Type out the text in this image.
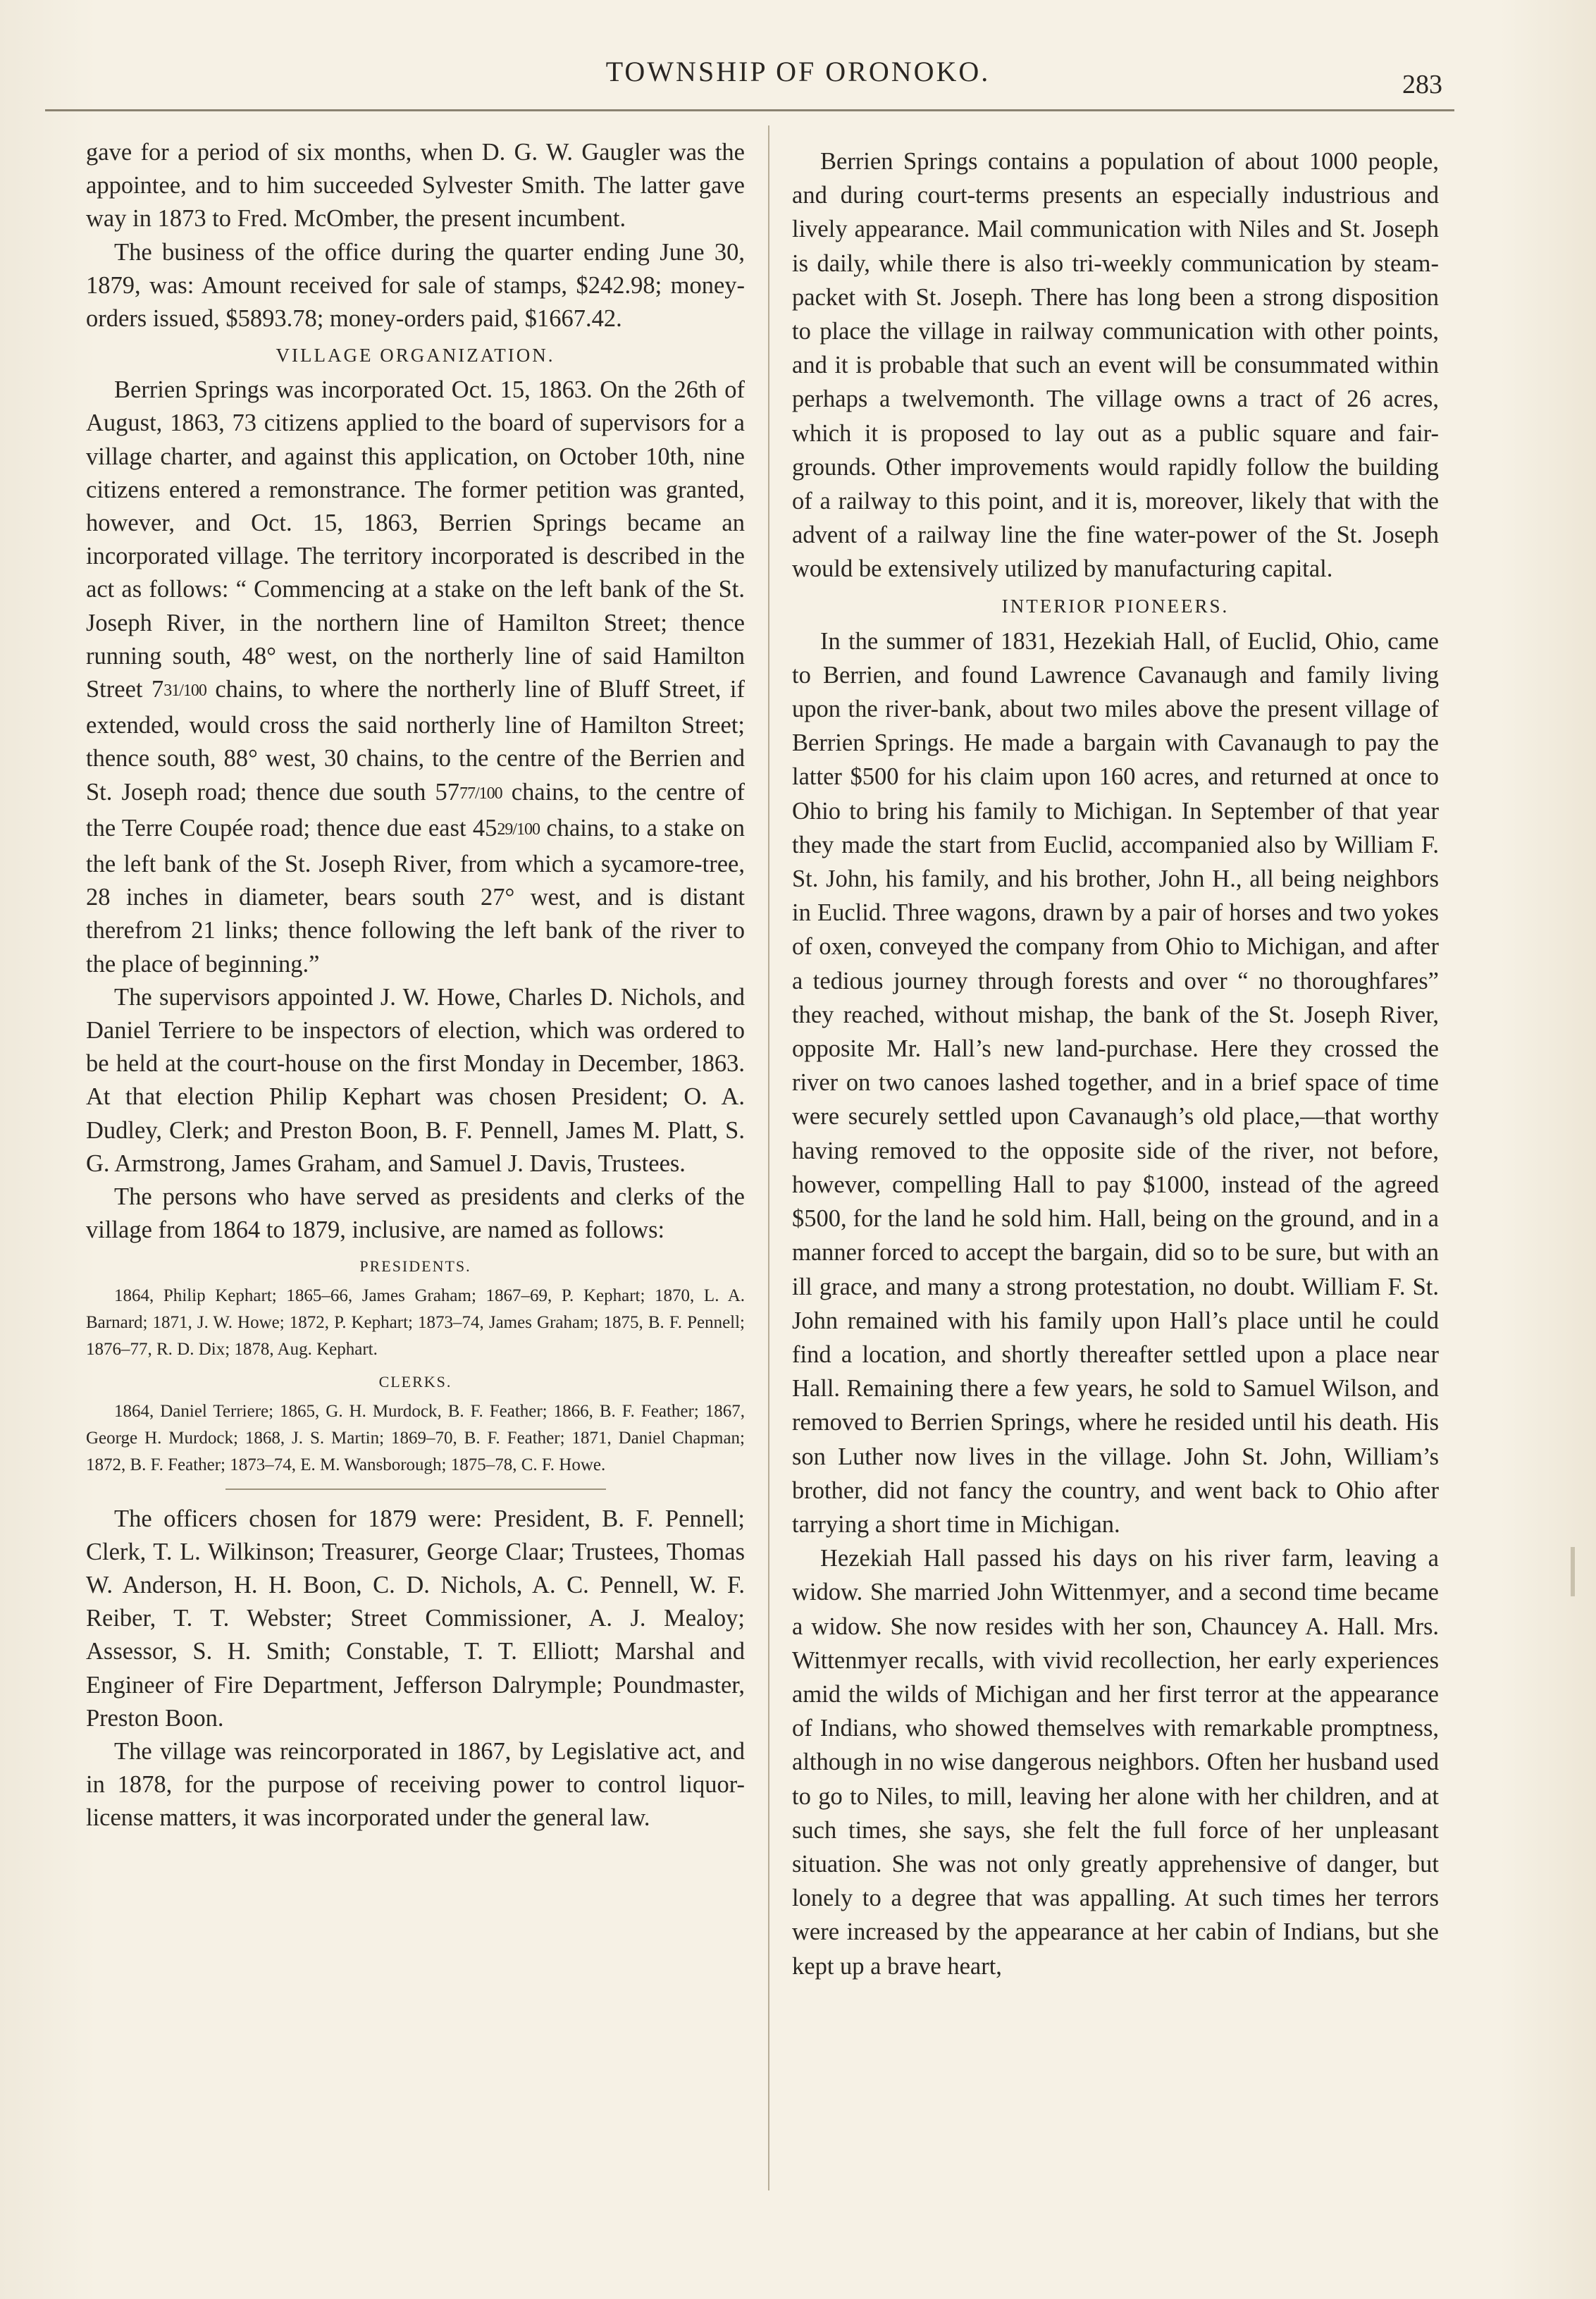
TOWNSHIP OF ORONOKO.	283

gave for a period of six months, when D. G. W. Gaugler was the appointee, and to him succeeded Sylvester Smith. The latter gave way in 1873 to Fred. McOmber, the present incumbent.

The business of the office during the quarter ending June 30, 1879, was: Amount received for sale of stamps, $242.98; money-orders issued, $5893.78; money-orders paid, $1667.42.

VILLAGE ORGANIZATION.

Berrien Springs was incorporated Oct. 15, 1863. On the 26th of August, 1863, 73 citizens applied to the board of supervisors for a village charter, and against this application, on October 10th, nine citizens entered a remonstrance. The former petition was granted, however, and Oct. 15, 1863, Berrien Springs became an incorporated village. The territory incorporated is described in the act as follows: “ Commencing at a stake on the left bank of the St. Joseph River, in the northern line of Hamilton Street; thence running south, 48° west, on the northerly line of said Hamilton Street 731/100 chains, to where the northerly line of Bluff Street, if extended, would cross the said northerly line of Hamilton Street; thence south, 88° west, 30 chains, to the centre of the Berrien and St. Joseph road; thence due south 5777/100 chains, to the centre of the Terre Coupée road; thence due east 4529/100 chains, to a stake on the left bank of the St. Joseph River, from which a sycamore-tree, 28 inches in diameter, bears south 27° west, and is distant therefrom 21 links; thence following the left bank of the river to the place of beginning.”

The supervisors appointed J. W. Howe, Charles D. Nichols, and Daniel Terriere to be inspectors of election, which was ordered to be held at the court-house on the first Monday in December, 1863. At that election Philip Kephart was chosen President; O. A. Dudley, Clerk; and Preston Boon, B. F. Pennell, James M. Platt, S. G. Armstrong, James Graham, and Samuel J. Davis, Trustees.

The persons who have served as presidents and clerks of the village from 1864 to 1879, inclusive, are named as follows:

PRESIDENTS.

1864, Philip Kephart; 1865–66, James Graham; 1867–69, P. Kephart; 1870, L. A. Barnard; 1871, J. W. Howe; 1872, P. Kephart; 1873–74, James Graham; 1875, B. F. Pennell; 1876–77, R. D. Dix; 1878, Aug. Kephart.

CLERKS.

1864, Daniel Terriere; 1865, G. H. Murdock, B. F. Feather; 1866, B. F. Feather; 1867, George H. Murdock; 1868, J. S. Martin; 1869–70, B. F. Feather; 1871, Daniel Chapman; 1872, B. F. Feather; 1873–74, E. M. Wansborough; 1875–78, C. F. Howe.

The officers chosen for 1879 were: President, B. F. Pennell; Clerk, T. L. Wilkinson; Treasurer, George Claar; Trustees, Thomas W. Anderson, H. H. Boon, C. D. Nichols, A. C. Pennell, W. F. Reiber, T. T. Webster; Street Commissioner, A. J. Mealoy; Assessor, S. H. Smith; Constable, T. T. Elliott; Marshal and Engineer of Fire Department, Jefferson Dalrymple; Poundmaster, Preston Boon.

The village was reincorporated in 1867, by Legislative act, and in 1878, for the purpose of receiving power to control liquor-license matters, it was incorporated under the general law.

Berrien Springs contains a population of about 1000 people, and during court-terms presents an especially industrious and lively appearance. Mail communication with Niles and St. Joseph is daily, while there is also tri-weekly communication by steam-packet with St. Joseph. There has long been a strong disposition to place the village in railway communication with other points, and it is probable that such an event will be consummated within perhaps a twelvemonth. The village owns a tract of 26 acres, which it is proposed to lay out as a public square and fair-grounds. Other improvements would rapidly follow the building of a railway to this point, and it is, moreover, likely that with the advent of a railway line the fine water-power of the St. Joseph would be extensively utilized by manufacturing capital.

INTERIOR PIONEERS.

In the summer of 1831, Hezekiah Hall, of Euclid, Ohio, came to Berrien, and found Lawrence Cavanaugh and family living upon the river-bank, about two miles above the present village of Berrien Springs. He made a bargain with Cavanaugh to pay the latter $500 for his claim upon 160 acres, and returned at once to Ohio to bring his family to Michigan. In September of that year they made the start from Euclid, accompanied also by William F. St. John, his family, and his brother, John H., all being neighbors in Euclid. Three wagons, drawn by a pair of horses and two yokes of oxen, conveyed the company from Ohio to Michigan, and after a tedious journey through forests and over “ no thoroughfares” they reached, without mishap, the bank of the St. Joseph River, opposite Mr. Hall’s new land-purchase. Here they crossed the river on two canoes lashed together, and in a brief space of time were securely settled upon Cavanaugh’s old place,—that worthy having removed to the opposite side of the river, not before, however, compelling Hall to pay $1000, instead of the agreed $500, for the land he sold him. Hall, being on the ground, and in a manner forced to accept the bargain, did so to be sure, but with an ill grace, and many a strong protestation, no doubt. William F. St. John remained with his family upon Hall’s place until he could find a location, and shortly thereafter settled upon a place near Hall. Remaining there a few years, he sold to Samuel Wilson, and removed to Berrien Springs, where he resided until his death. His son Luther now lives in the village. John St. John, William’s brother, did not fancy the country, and went back to Ohio after tarrying a short time in Michigan.

Hezekiah Hall passed his days on his river farm, leaving a widow. She married John Wittenmyer, and a second time became a widow. She now resides with her son, Chauncey A. Hall. Mrs. Wittenmyer recalls, with vivid recollection, her early experiences amid the wilds of Michigan and her first terror at the appearance of Indians, who showed themselves with remarkable promptness, although in no wise dangerous neighbors. Often her husband used to go to Niles, to mill, leaving her alone with her children, and at such times, she says, she felt the full force of her unpleasant situation. She was not only greatly apprehensive of danger, but lonely to a degree that was appalling. At such times her terrors were increased by the appearance at her cabin of Indians, but she kept up a brave heart,
